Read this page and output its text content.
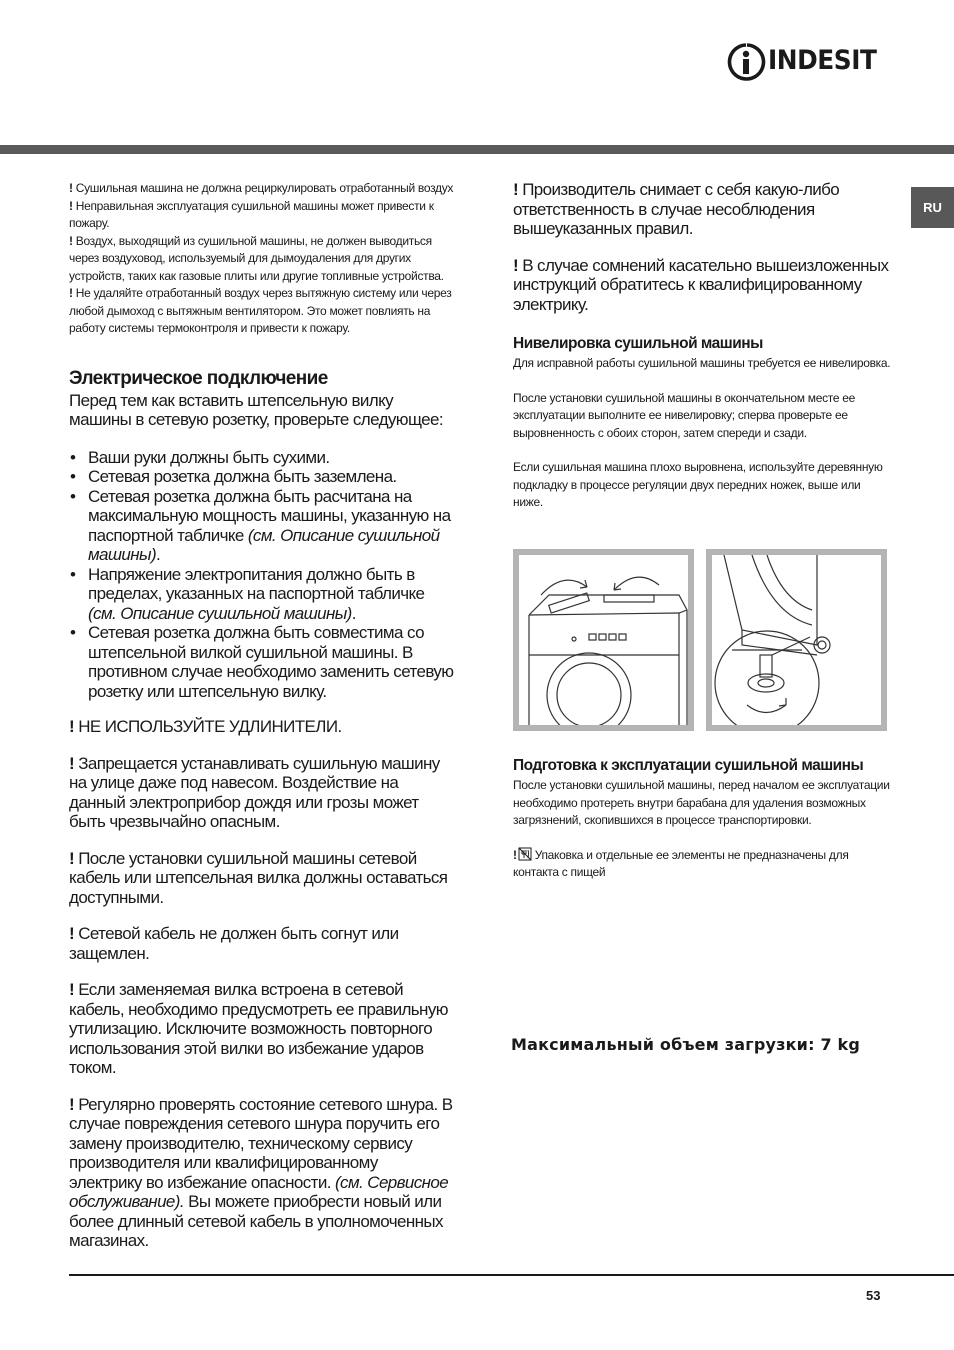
INDESIT
RU

! Сушильная машина не должна рециркулировать отработанный воздух

! Неправильная эксплуатация сушильной машины может привести к пожару.

! Воздух, выходящий из сушильной машины, не должен выводиться через воздуховод, используемый для дымоудаления для других устройств, таких как газовые плиты или другие топливные устройства.

! Не удаляйте отработанный воздух через вытяжную систему или через любой дымоход с вытяжным вентилятором. Это может повлиять на работу системы термоконтроля и привести к пожару.

Электрическое подключение

Перед тем как вставить штепсельную вилку машины в сетевую розетку, проверьте следующее:

• Ваши руки должны быть сухими.
• Сетевая розетка должна быть заземлена.
• Сетевая розетка должна быть расчитана на максимальную мощность машины, указанную на паспортной табличке (см. Описание сушильной машины).
• Напряжение электропитания должно быть в пределах, указанных на паспортной табличке (см. Описание сушильной машины).
• Сетевая розетка должна быть совместима со штепсельной вилкой сушильной машины. В противном случае необходимо заменить сетевую розетку или штепсельную вилку.

! НЕ ИСПОЛЬЗУЙТЕ УДЛИНИТЕЛИ.

! Запрещается устанавливать сушильную машину на улице даже под навесом. Воздействие на данный электроприбор дождя или грозы может быть чрезвычайно опасным.

! После установки сушильной машины сетевой кабель или штепсельная вилка должны оставаться доступными.

! Сетевой кабель не должен быть согнут или защемлен.

! Если заменяемая вилка встроена в сетевой кабель, необходимо предусмотреть ее правильную утилизацию. Исключите возможность повторного использования этой вилки во избежание ударов током.

! Регулярно проверять состояние сетевого шнура. В случае повреждения сетевого шнура поручить его замену производителю, техническому сервису производителя или квалифицированному электрику во избежание опасности. (см. Сервисное обслуживание). Вы можете приобрести новый или более длинный сетевой кабель в уполномоченных магазинах.

! Производитель снимает с себя какую-либо ответственность в случае несоблюдения вышеуказанных правил.

! В случае сомнений касательно вышеизложенных инструкций обратитесь к квалифицированному электрику.

Нивелировка сушильной машины

Для исправной работы сушильной машины требуется ее нивелировка.

После установки сушильной машины в окончательном месте ее эксплуатации выполните ее нивелировку; сперва проверьте ее выровненность с обоих сторон, затем спереди и сзади.

Если сушильная машина плохо выровнена, используйте деревянную подкладку в процессе регуляции двух передних ножек, выше или ниже.

Подготовка к эксплуатации сушильной машины

После установки сушильной машины, перед началом ее эксплуатации необходимо протереть внутри барабана для удаления возможных загрязнений, скопившихся в процессе транспортировки.

! Упаковка и отдельные ее элементы не предназначены для контакта с пищей

Максимальный объем загрузки: 7 kg
53
